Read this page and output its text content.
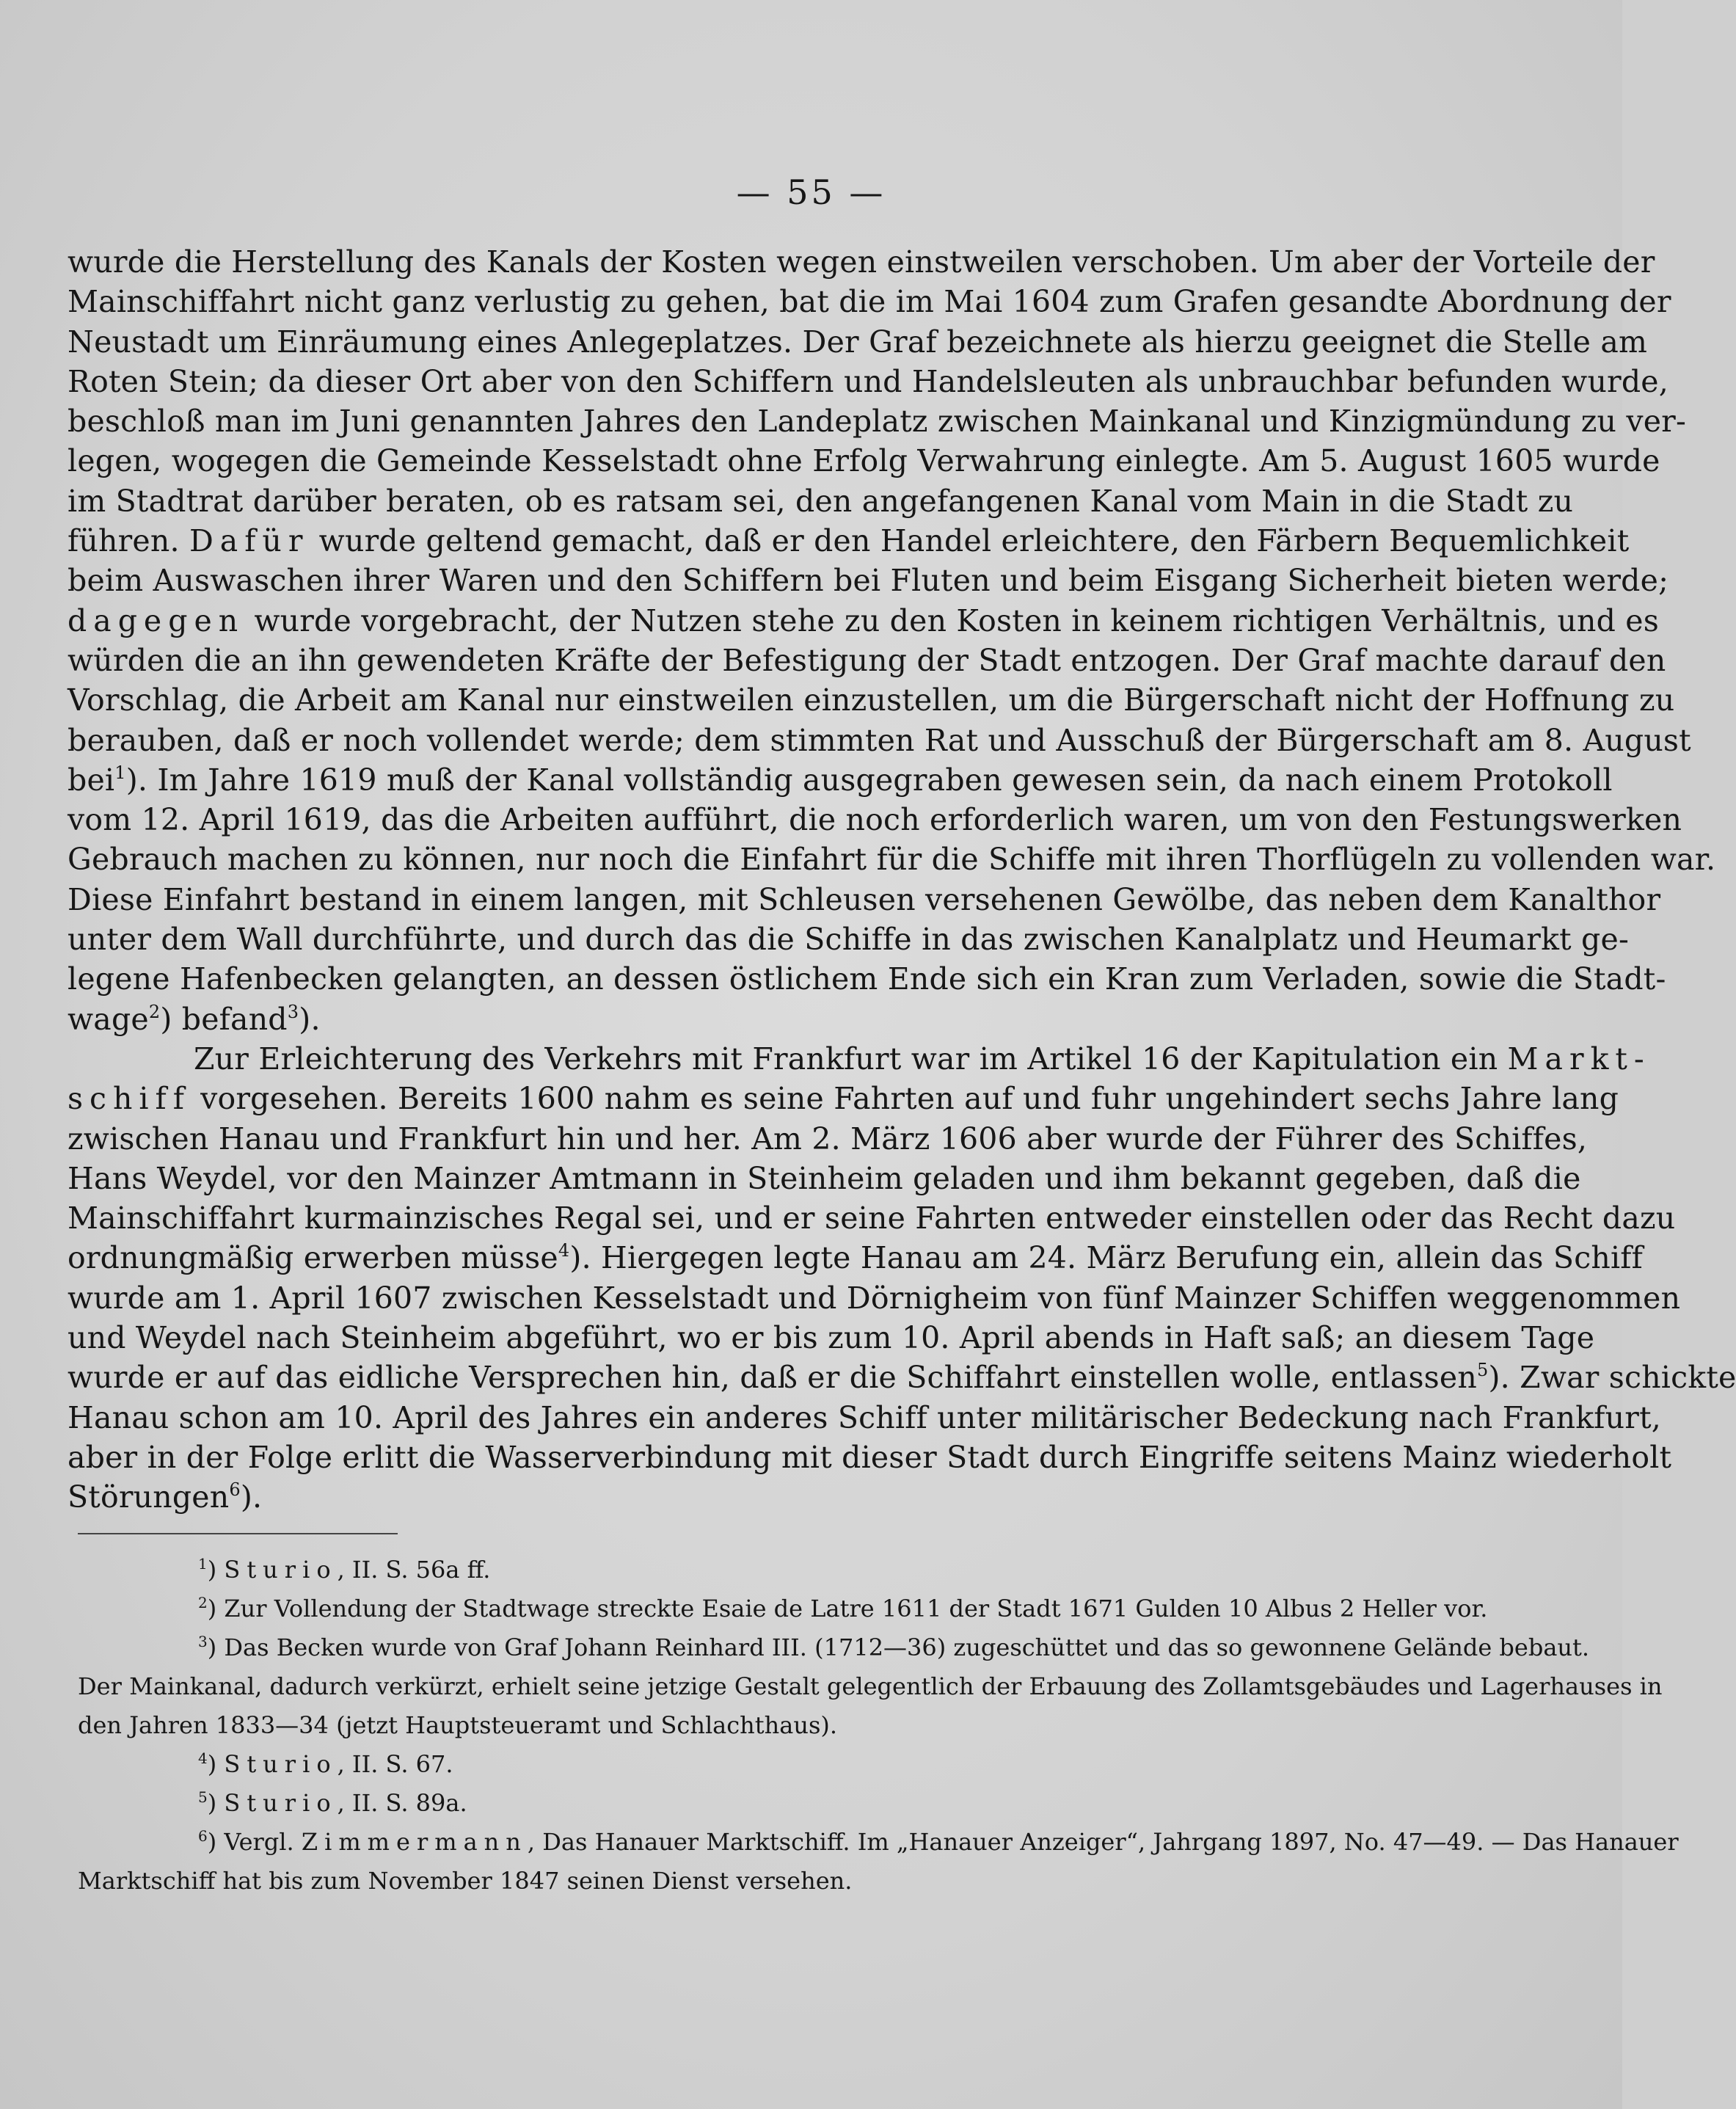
— 55 —

wurde die Herstellung des Kanals der Kosten wegen einstweilen verschoben. Um aber der Vorteile der

Mainschiffahrt nicht ganz verlustig zu gehen, bat die im Mai 1604 zum Grafen gesandte Abordnung der

Neustadt um Einräumung eines Anlegeplatzes. Der Graf bezeichnete als hierzu geeignet die Stelle am

Roten Stein; da dieser Ort aber von den Schiffern und Handelsleuten als unbrauchbar befunden wurde,

beschloß man im Juni genannten Jahres den Landeplatz zwischen Mainkanal und Kinzigmündung zu ver-

legen, wogegen die Gemeinde Kesselstadt ohne Erfolg Verwahrung einlegte. Am 5. August 1605 wurde

im Stadtrat darüber beraten, ob es ratsam sei, den angefangenen Kanal vom Main in die Stadt zu

führen. Dafür wurde geltend gemacht, daß er den Handel erleichtere, den Färbern Bequemlichkeit

beim Auswaschen ihrer Waren und den Schiffern bei Fluten und beim Eisgang Sicherheit bieten werde;

dagegen wurde vorgebracht, der Nutzen stehe zu den Kosten in keinem richtigen Verhältnis, und es

würden die an ihn gewendeten Kräfte der Befestigung der Stadt entzogen. Der Graf machte darauf den

Vorschlag, die Arbeit am Kanal nur einstweilen einzustellen, um die Bürgerschaft nicht der Hoffnung zu

berauben, daß er noch vollendet werde; dem stimmten Rat und Ausschuß der Bürgerschaft am 8. August

bei$^1$). Im Jahre 1619 muß der Kanal vollständig ausgegraben gewesen sein, da nach einem Protokoll

vom 12. April 1619, das die Arbeiten aufführt, die noch erforderlich waren, um von den Festungswerken

Gebrauch machen zu können, nur noch die Einfahrt für die Schiffe mit ihren Thorflügeln zu vollenden war.

Diese Einfahrt bestand in einem langen, mit Schleusen versehenen Gewölbe, das neben dem Kanalthor

unter dem Wall durchführte, und durch das die Schiffe in das zwischen Kanalplatz und Heumarkt ge-

legene Hafenbecken gelangten, an dessen östlichem Ende sich ein Kran zum Verladen, sowie die Stadt-

wage$^2$) befand$^3$).

Zur Erleichterung des Verkehrs mit Frankfurt war im Artikel 16 der Kapitulation ein Markt-

schiff vorgesehen. Bereits 1600 nahm es seine Fahrten auf und fuhr ungehindert sechs Jahre lang

zwischen Hanau und Frankfurt hin und her. Am 2. März 1606 aber wurde der Führer des Schiffes,

Hans Weydel, vor den Mainzer Amtmann in Steinheim geladen und ihm bekannt gegeben, daß die

Mainschiffahrt kurmainzisches Regal sei, und er seine Fahrten entweder einstellen oder das Recht dazu

ordnungmäßig erwerben müsse$^4$). Hiergegen legte Hanau am 24. März Berufung ein, allein das Schiff

wurde am 1. April 1607 zwischen Kesselstadt und Dörnigheim von fünf Mainzer Schiffen weggenommen

und Weydel nach Steinheim abgeführt, wo er bis zum 10. April abends in Haft saß; an diesem Tage

wurde er auf das eidliche Versprechen hin, daß er die Schiffahrt einstellen wolle, entlassen$^5$). Zwar schickte

Hanau schon am 10. April des Jahres ein anderes Schiff unter militärischer Bedeckung nach Frankfurt,

aber in der Folge erlitt die Wasserverbindung mit dieser Stadt durch Eingriffe seitens Mainz wiederholt

Störungen$^6$).

$^1$) Sturio, II. S. 56a ff.

$^2$) Zur Vollendung der Stadtwage streckte Esaie de Latre 1611 der Stadt 1671 Gulden 10 Albus 2 Heller vor.

$^3$) Das Becken wurde von Graf Johann Reinhard III. (1712—36) zugeschüttet und das so gewonnene Gelände bebaut.

Der Mainkanal, dadurch verkürzt, erhielt seine jetzige Gestalt gelegentlich der Erbauung des Zollamtsgebäudes und Lagerhauses in

den Jahren 1833—34 (jetzt Hauptsteueramt und Schlachthaus).

$^4$) Sturio, II. S. 67.

$^5$) Sturio, II. S. 89a.

$^6$) Vergl. Zimmermann, Das Hanauer Marktschiff. Im „Hanauer Anzeiger“, Jahrgang 1897, No. 47—49. — Das Hanauer

Marktschiff hat bis zum November 1847 seinen Dienst versehen.
